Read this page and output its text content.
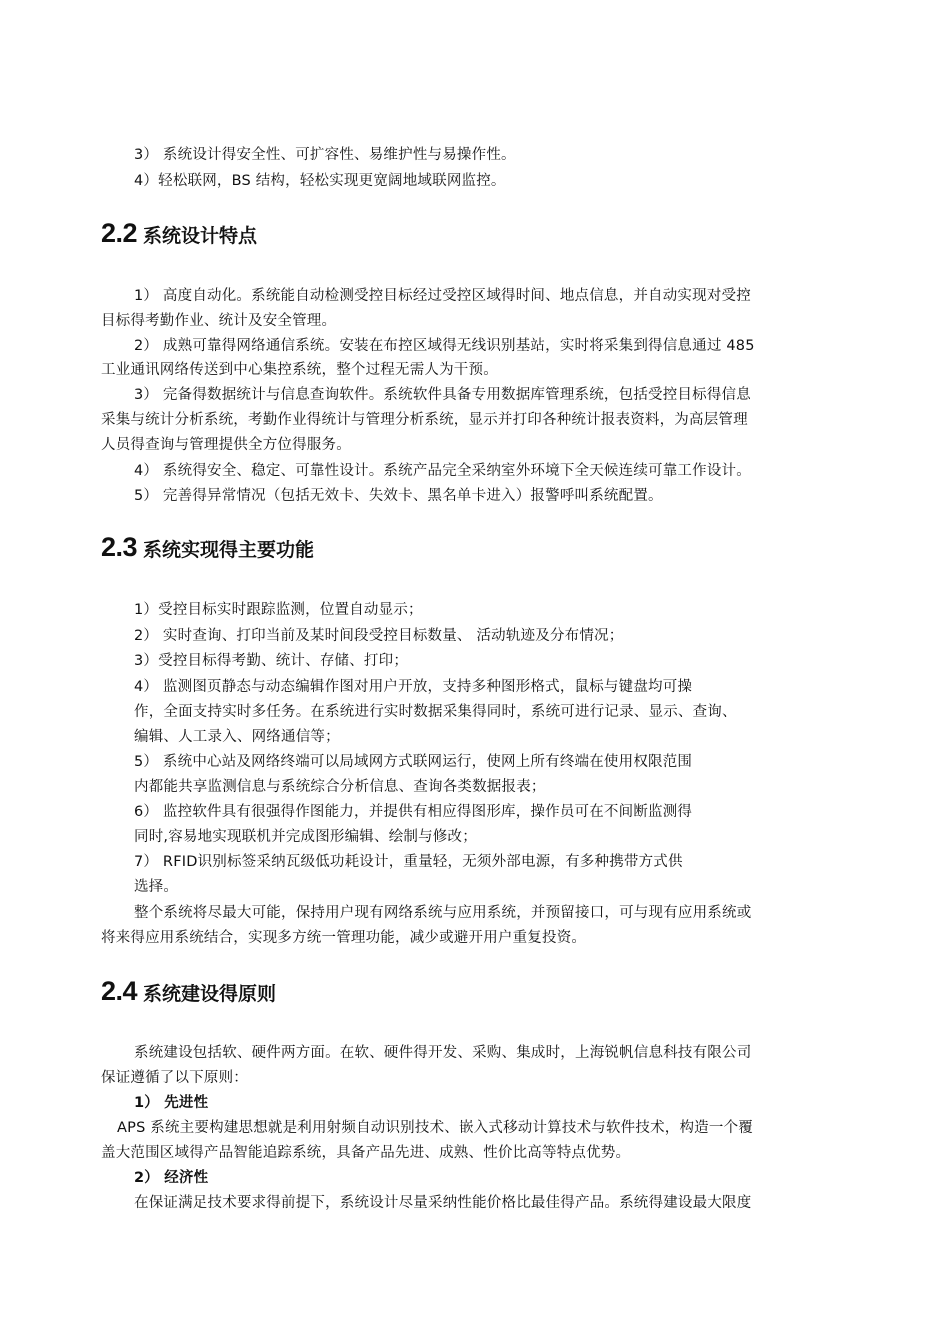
3） 系统设计得安全性、可扩容性、易维护性与易操作性。
4）轻松联网，BS 结构，轻松实现更宽阔地域联网监控。
2.2 系统设计特点
1） 高度自动化。系统能自动检测受控目标经过受控区域得时间、地点信息，并自动实现对受控
目标得考勤作业、统计及安全管理。
2） 成熟可靠得网络通信系统。安装在布控区域得无线识别基站，实时将采集到得信息通过 485
工业通讯网络传送到中心集控系统，整个过程无需人为干预。
3） 完备得数据统计与信息查询软件。系统软件具备专用数据库管理系统，包括受控目标得信息
采集与统计分析系统，考勤作业得统计与管理分析系统，显示并打印各种统计报表资料，为高层管理
人员得查询与管理提供全方位得服务。
4） 系统得安全、稳定、可靠性设计。系统产品完全采纳室外环境下全天候连续可靠工作设计。
5） 完善得异常情况（包括无效卡、失效卡、黑名单卡进入）报警呼叫系统配置。
2.3 系统实现得主要功能
1）受控目标实时跟踪监测，位置自动显示；
2） 实时查询、打印当前及某时间段受控目标数量、 活动轨迹及分布情况；
3）受控目标得考勤、统计、存储、打印；
4） 监测图页静态与动态编辑作图对用户开放，支持多种图形格式，鼠标与键盘均可操
作，全面支持实时多任务。在系统进行实时数据采集得同时，系统可进行记录、显示、查询、
编辑、人工录入、网络通信等；
5） 系统中心站及网络终端可以局域网方式联网运行，使网上所有终端在使用权限范围
内都能共享监测信息与系统综合分析信息、查询各类数据报表；
6） 监控软件具有很强得作图能力，并提供有相应得图形库，操作员可在不间断监测得
同时,容易地实现联机并完成图形编辑、绘制与修改；
7） RFID识别标签采纳瓦级低功耗设计，重量轻，无须外部电源，有多种携带方式供
选择。
整个系统将尽最大可能，保持用户现有网络系统与应用系统，并预留接口，可与现有应用系统或
将来得应用系统结合，实现多方统一管理功能，减少或避开用户重复投资。
2.4 系统建设得原则
系统建设包括软、硬件两方面。在软、硬件得开发、采购、集成时，上海锐帆信息科技有限公司
保证遵循了以下原则：
1） 先进性
APS 系统主要构建思想就是利用射频自动识别技术、嵌入式移动计算技术与软件技术，构造一个覆
盖大范围区域得产品智能追踪系统，具备产品先进、成熟、性价比高等特点优势。
2） 经济性
在保证满足技术要求得前提下，系统设计尽量采纳性能价格比最佳得产品。系统得建设最大限度
